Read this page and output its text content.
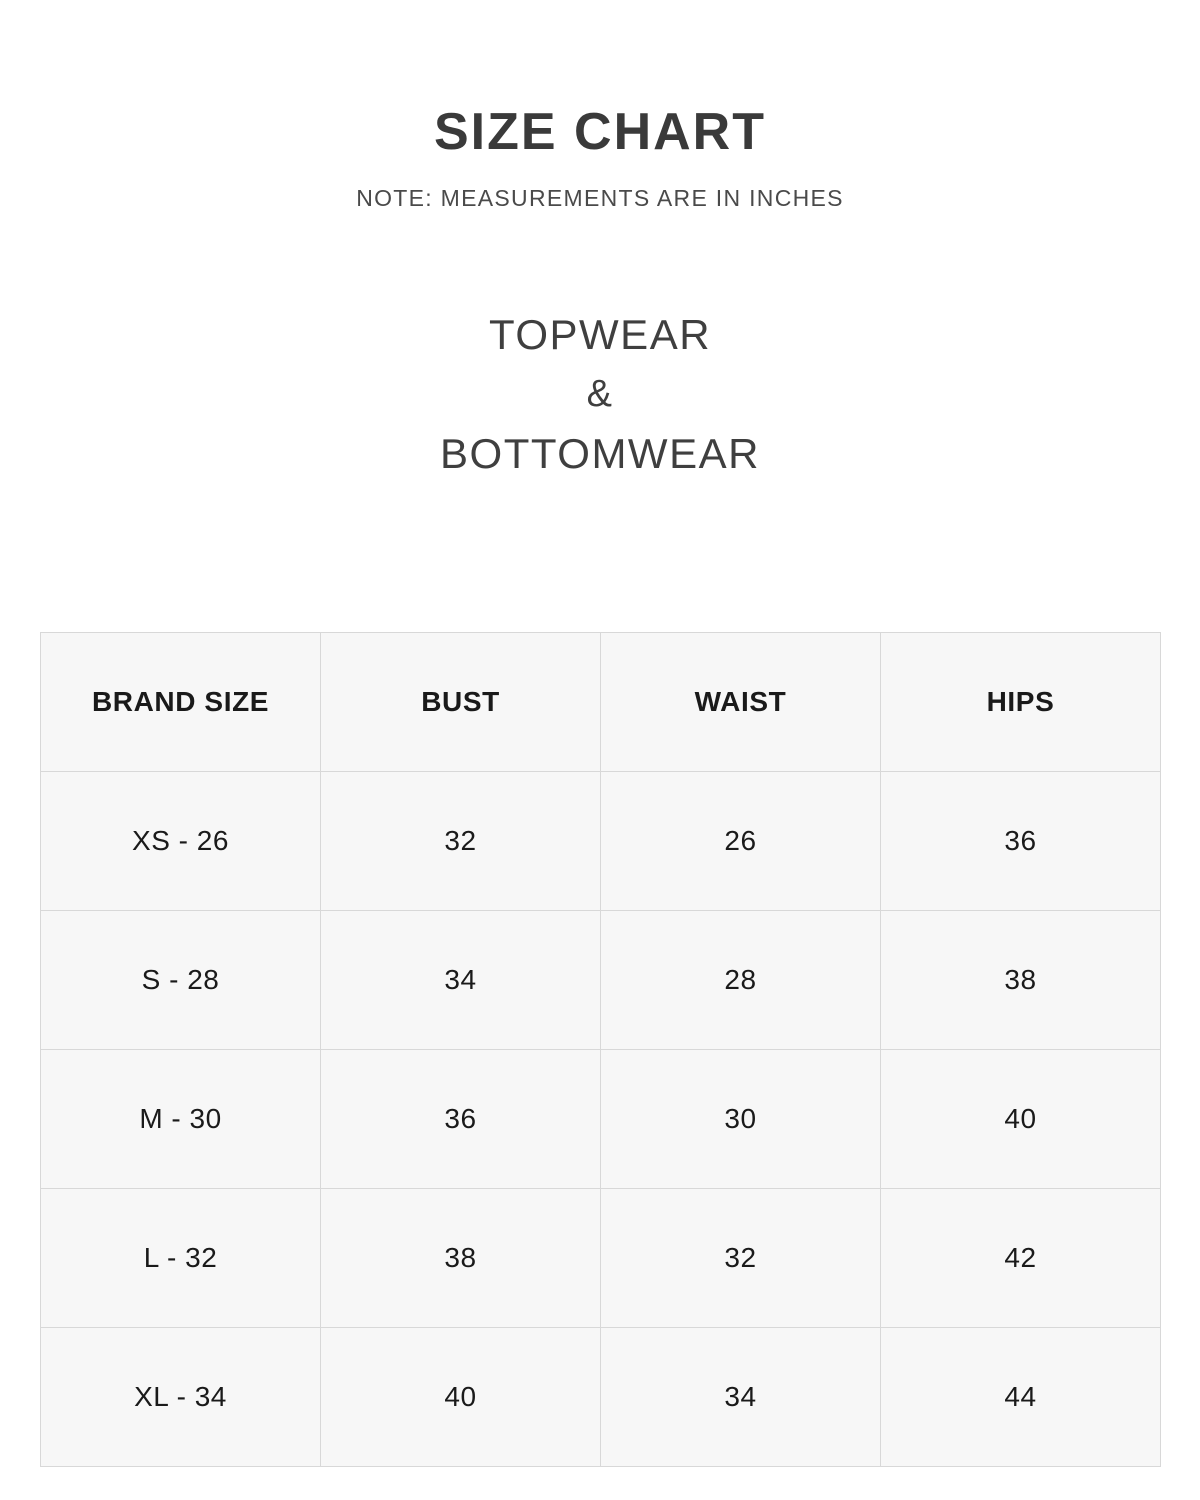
SIZE CHART

NOTE: MEASUREMENTS ARE IN INCHES

TOPWEAR
&
BOTTOMWEAR
BRAND SIZE	BUST	WAIST	HIPS
XS - 26	32	26	36
S - 28	34	28	38
M - 30	36	30	40
L - 32	38	32	42
XL - 34	40	34	44
